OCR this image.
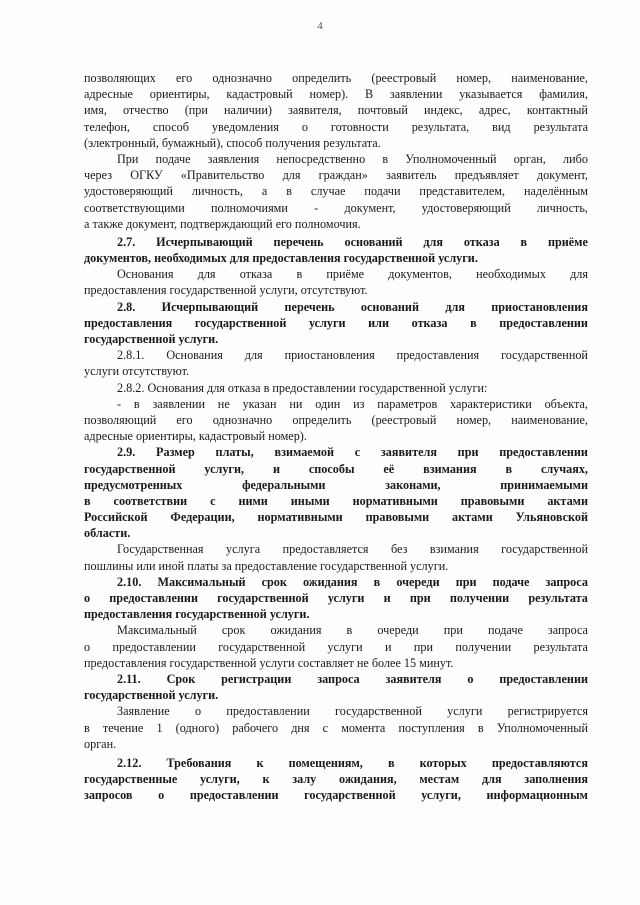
4
позволяющих его однозначно определить (реестровый номер, наименование,
адресные ориентиры, кадастровый номер). В заявлении указывается фамилия,
имя, отчество (при наличии) заявителя, почтовый индекс, адрес, контактный
телефон, способ уведомления о готовности результата, вид результата
(электронный, бумажный), способ получения результата.
При подаче заявления непосредственно в Уполномоченный орган, либо
через ОГКУ «Правительство для граждан» заявитель предъявляет документ,
удостоверяющий личность, а в случае подачи представителем, наделённым
соответствующими полномочиями - документ, удостоверяющий личность,
а также документ, подтверждающий его полномочия.
2.7. Исчерпывающий перечень оснований для отказа в приёме
документов, необходимых для предоставления государственной услуги.
Основания для отказа в приёме документов, необходимых для
предоставления государственной услуги, отсутствуют.
2.8. Исчерпывающий перечень оснований для приостановления
предоставления государственной услуги или отказа в предоставлении
государственной услуги.
2.8.1. Основания для приостановления предоставления государственной
услуги отсутствуют.
2.8.2. Основания для отказа в предоставлении государственной услуги:
- в заявлении не указан ни один из параметров характеристики объекта,
позволяющий его однозначно определить (реестровый номер, наименование,
адресные ориентиры, кадастровый номер).
2.9. Размер платы, взимаемой с заявителя при предоставлении
государственной услуги, и способы её взимания в случаях,
предусмотренных	федеральными	законами,	принимаемыми
в соответствии с ними иными нормативными правовыми актами
Российской Федерации, нормативными правовыми актами Ульяновской
области.
Государственная услуга предоставляется без взимания государственной
пошлины или иной платы за предоставление государственной услуги.
2.10. Максимальный срок ожидания в очереди при подаче запроса
о предоставлении государственной услуги и при получении результата
предоставления государственной услуги.
Максимальный срок ожидания в очереди при подаче запроса
о предоставлении государственной услуги и при получении результата
предоставления государственной услуги составляет не более 15 минут.
2.11. Срок регистрации запроса заявителя о предоставлении
государственной услуги.
Заявление о предоставлении государственной услуги регистрируется
в течение 1 (одного) рабочего дня с момента поступления в Уполномоченный
орган.
2.12. Требования к помещениям, в которых предоставляются
государственные услуги, к залу ожидания, местам для заполнения
запросов о предоставлении государственной услуги, информационным
